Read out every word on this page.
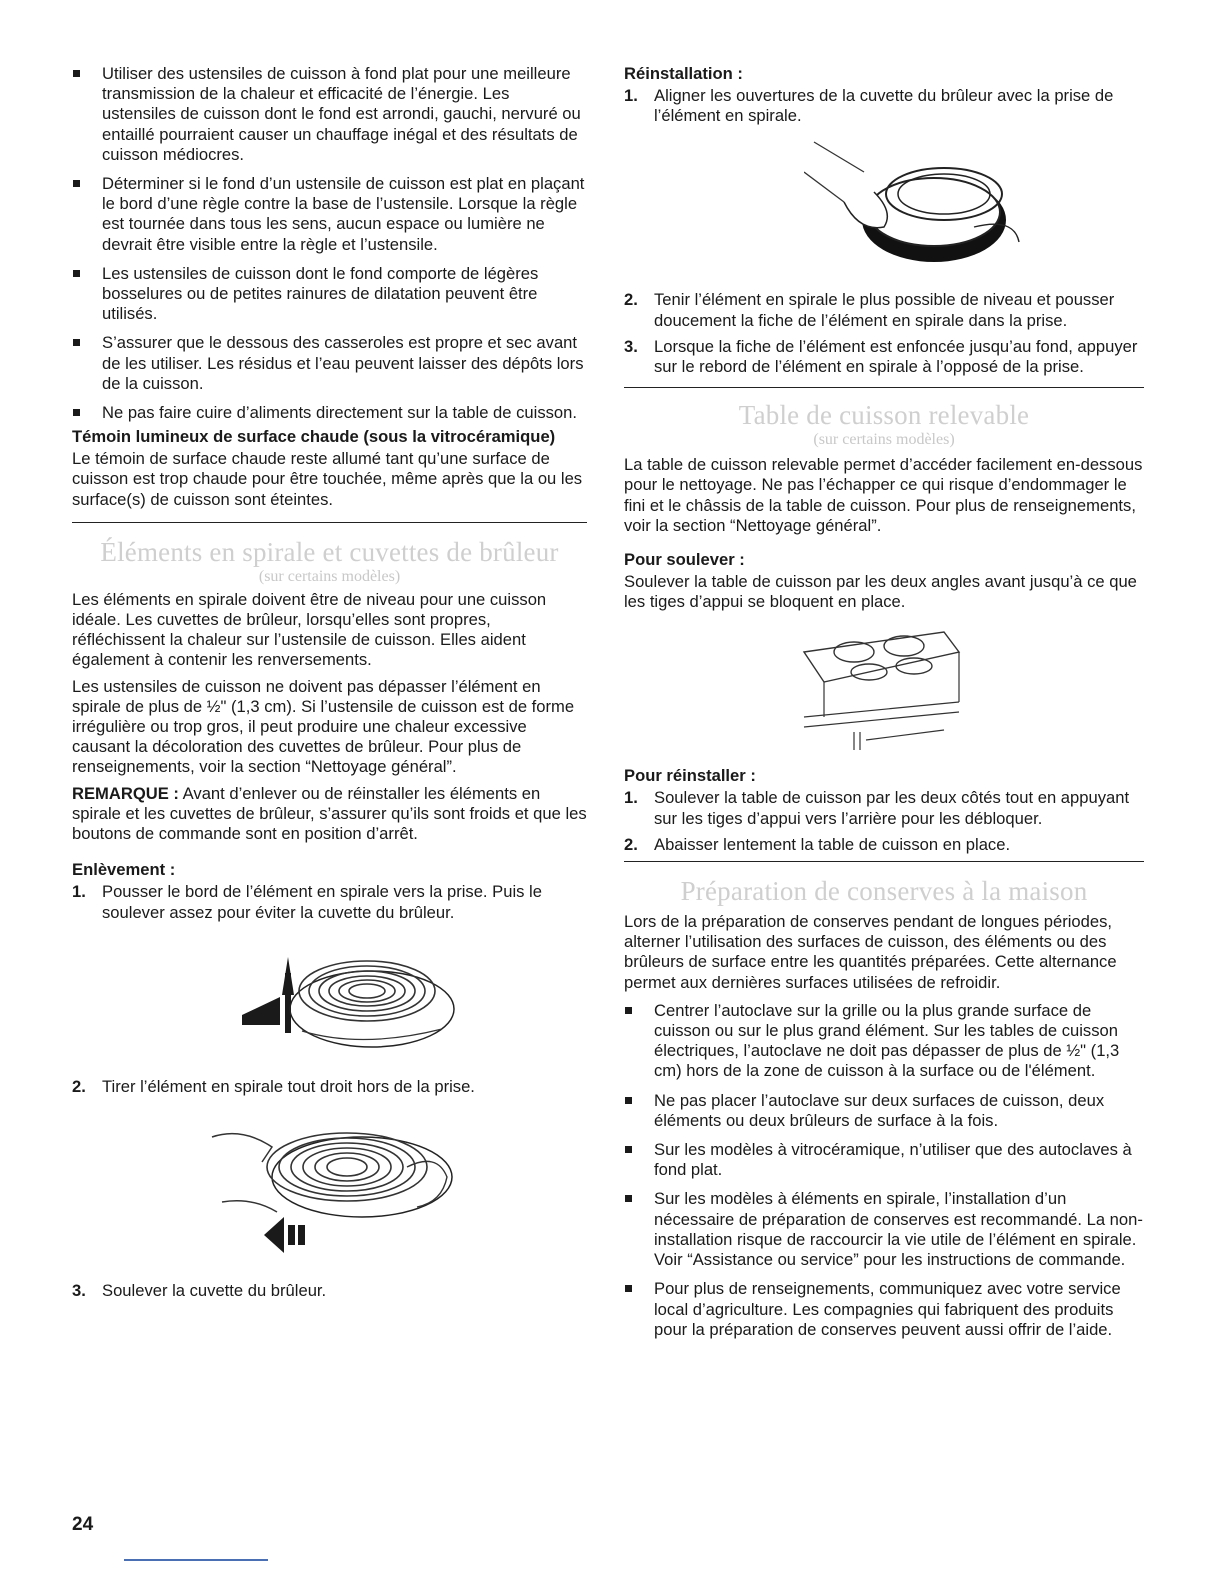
Utiliser des ustensiles de cuisson à fond plat pour une meilleure transmission de la chaleur et efficacité de l’énergie. Les ustensiles de cuisson dont le fond est arrondi, gauchi, nervuré ou entaillé pourraient causer un chauffage inégal et des résultats de cuisson médiocres.
Déterminer si le fond d’un ustensile de cuisson est plat en plaçant le bord d’une règle contre la base de l’ustensile. Lorsque la règle est tournée dans tous les sens, aucun espace ou lumière ne devrait être visible entre la règle et l’ustensile.
Les ustensiles de cuisson dont le fond comporte de légères bosselures ou de petites rainures de dilatation peuvent être utilisés.
S’assurer que le dessous des casseroles est propre et sec avant de les utiliser. Les résidus et l’eau peuvent laisser des dépôts lors de la cuisson.
Ne pas faire cuire d’aliments directement sur la table de cuisson.
Témoin lumineux de surface chaude (sous la vitrocéramique)

Le témoin de surface chaude reste allumé tant qu’une surface de cuisson est trop chaude pour être touchée, même après que la ou les surface(s) de cuisson sont éteintes.

Éléments en spirale et cuvettes de brûleur
(sur certains modèles)

Les éléments en spirale doivent être de niveau pour une cuisson idéale. Les cuvettes de brûleur, lorsqu’elles sont propres, réfléchissent la chaleur sur l’ustensile de cuisson. Elles aident également à contenir les renversements.

Les ustensiles de cuisson ne doivent pas dépasser l’élément en spirale de plus de ½" (1,3 cm). Si l’ustensile de cuisson est de forme irrégulière ou trop gros, il peut produire une chaleur excessive causant la décoloration des cuvettes de brûleur. Pour plus de renseignements, voir la section “Nettoyage général”.

REMARQUE : Avant d’enlever ou de réinstaller les éléments en spirale et les cuvettes de brûleur, s’assurer qu’ils sont froids et que les boutons de commande sont en position d’arrêt.

Enlèvement :
1. Pousser le bord de l’élément en spirale vers la prise. Puis le soulever assez pour éviter la cuvette du brûleur.
2. Tirer l’élément en spirale tout droit hors de la prise.
3. Soulever la cuvette du brûleur.
Réinstallation :
1. Aligner les ouvertures de la cuvette du brûleur avec la prise de l’élément en spirale.
2. Tenir l’élément en spirale le plus possible de niveau et pousser doucement la fiche de l’élément en spirale dans la prise.
3. Lorsque la fiche de l’élément est enfoncée jusqu’au fond, appuyer sur le rebord de l’élément en spirale à l’opposé de la prise.
Table de cuisson relevable
(sur certains modèles)

La table de cuisson relevable permet d’accéder facilement en-dessous pour le nettoyage. Ne pas l’échapper ce qui risque d’endommager le fini et le châssis de la table de cuisson. Pour plus de renseignements, voir la section “Nettoyage général”.

Pour soulever :

Soulever la table de cuisson par les deux angles avant jusqu’à ce que les tiges d’appui se bloquent en place.

Pour réinstaller :
1. Soulever la table de cuisson par les deux côtés tout en appuyant sur les tiges d’appui vers l’arrière pour les débloquer.
2. Abaisser lentement la table de cuisson en place.
Préparation de conserves à la maison

Lors de la préparation de conserves pendant de longues périodes, alterner l’utilisation des surfaces de cuisson, des éléments ou des brûleurs de surface entre les quantités préparées. Cette alternance permet aux dernières surfaces utilisées de refroidir.

Centrer l’autoclave sur la grille ou la plus grande surface de cuisson ou sur le plus grand élément. Sur les tables de cuisson électriques, l’autoclave ne doit pas dépasser de plus de ½" (1,3 cm) hors de la zone de cuisson à la surface ou de l'élément.
Ne pas placer l’autoclave sur deux surfaces de cuisson, deux éléments ou deux brûleurs de surface à la fois.
Sur les modèles à vitrocéramique, n’utiliser que des autoclaves à fond plat.
Sur les modèles à éléments en spirale, l’installation d’un nécessaire de préparation de conserves est recommandé. La non-installation risque de raccourcir la vie utile de l’élément en spirale. Voir “Assistance ou service” pour les instructions de commande.
Pour plus de renseignements, communiquez avec votre service local d’agriculture. Les compagnies qui fabriquent des produits pour la préparation de conserves peuvent aussi offrir de l’aide.
24
